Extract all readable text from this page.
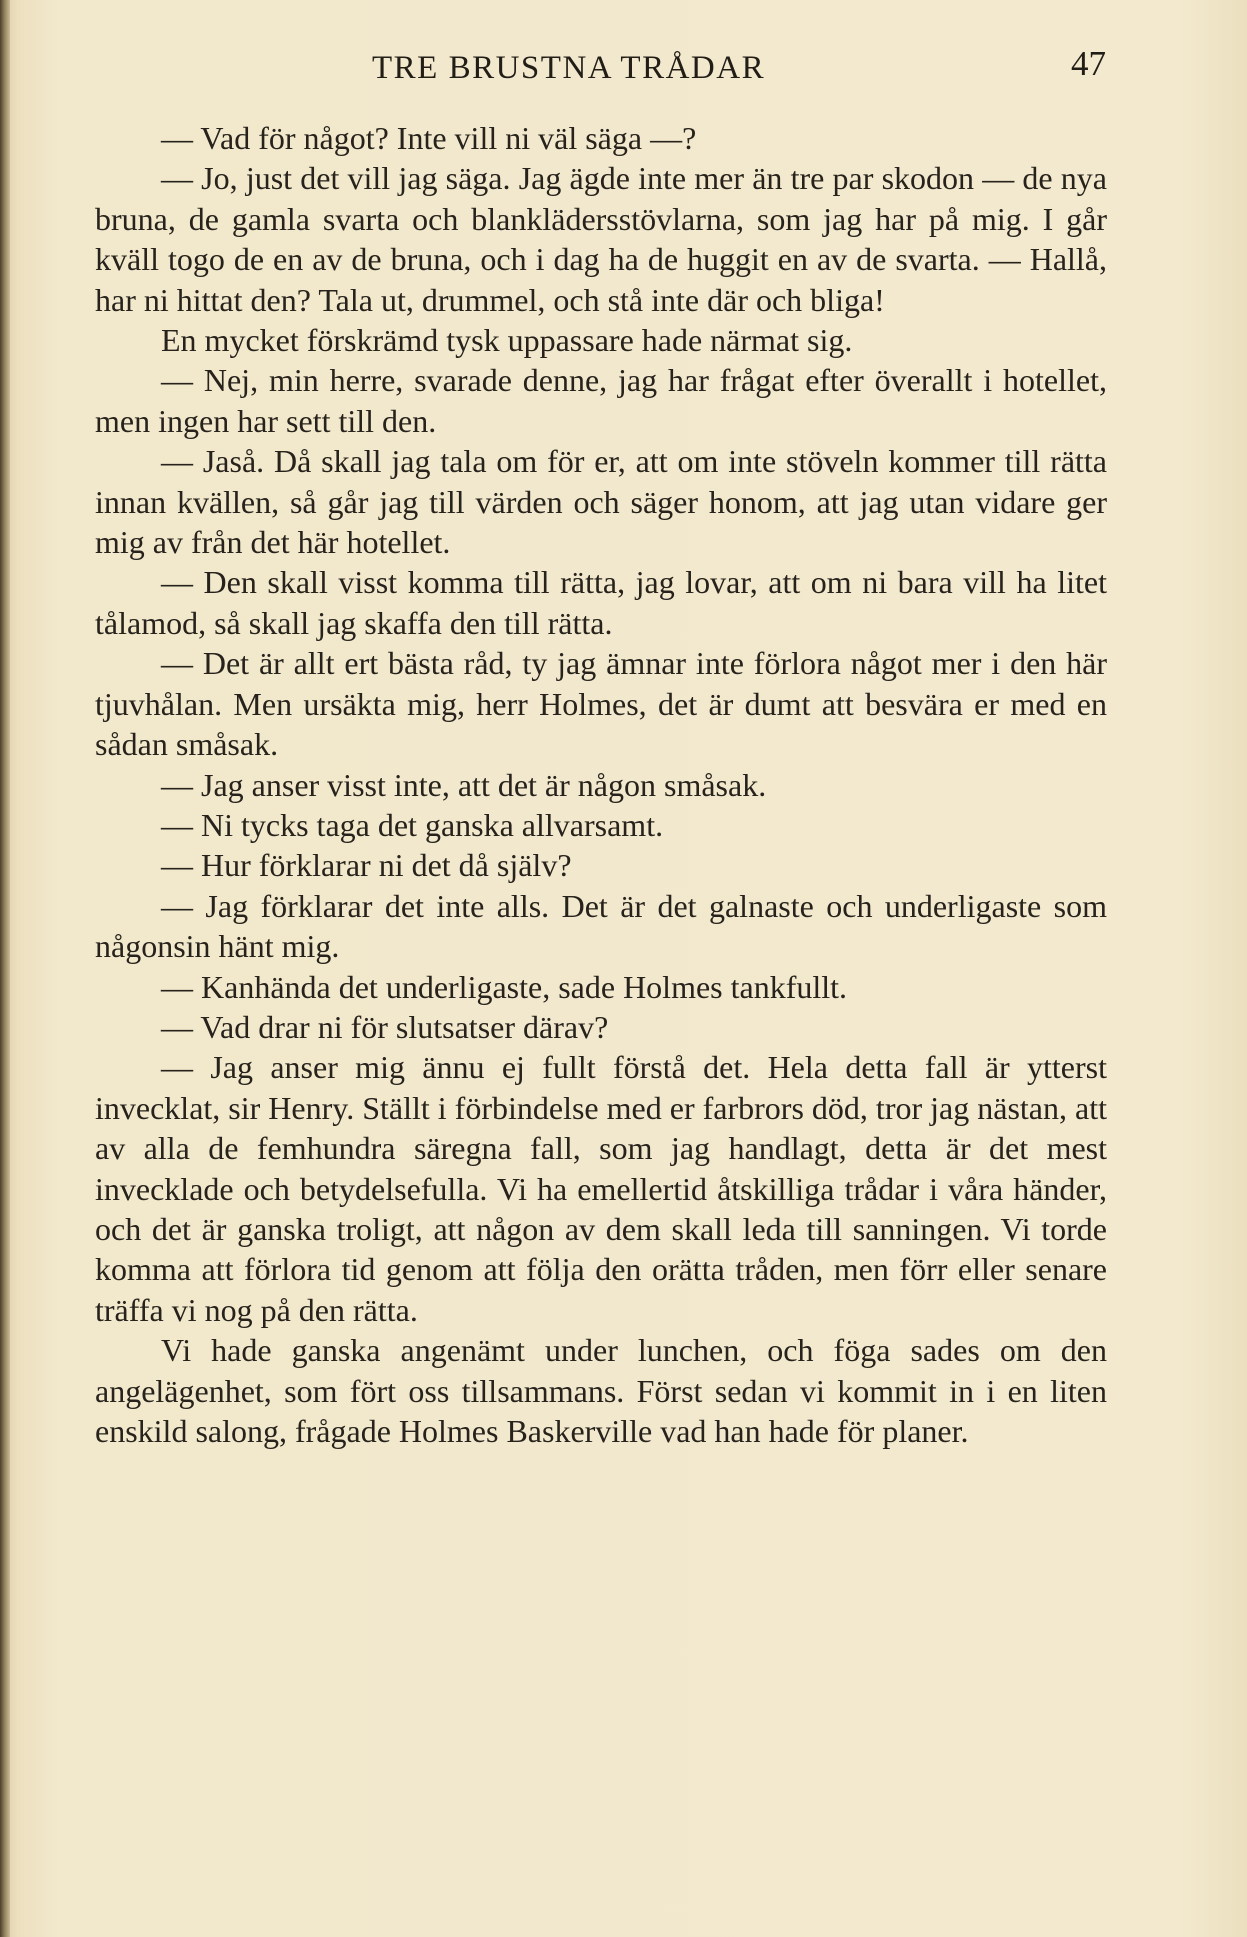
TRE BRUSTNA TRÅDAR	47

— Vad för något? Inte vill ni väl säga —?

— Jo, just det vill jag säga. Jag ägde inte mer än tre par skodon — de nya bruna, de gamla svarta och blanklädersstövlarna, som jag har på mig. I går kväll togo de en av de bruna, och i dag ha de huggit en av de svarta. — Hallå, har ni hittat den? Tala ut, drummel, och stå inte där och bliga!

En mycket förskrämd tysk uppassare hade närmat sig.

— Nej, min herre, svarade denne, jag har frågat efter överallt i hotellet, men ingen har sett till den.

— Jaså. Då skall jag tala om för er, att om inte stöveln kommer till rätta innan kvällen, så går jag till värden och säger honom, att jag utan vidare ger mig av från det här hotellet.

— Den skall visst komma till rätta, jag lovar, att om ni bara vill ha litet tålamod, så skall jag skaffa den till rätta.

— Det är allt ert bästa råd, ty jag ämnar inte förlora något mer i den här tjuvhålan. Men ursäkta mig, herr Holmes, det är dumt att besvära er med en sådan småsak.

— Jag anser visst inte, att det är någon småsak.

— Ni tycks taga det ganska allvarsamt.

— Hur förklarar ni det då själv?

— Jag förklarar det inte alls. Det är det galnaste och underligaste som någonsin hänt mig.

— Kanhända det underligaste, sade Holmes tankfullt.

— Vad drar ni för slutsatser därav?

— Jag anser mig ännu ej fullt förstå det. Hela detta fall är ytterst invecklat, sir Henry. Ställt i förbindelse med er farbrors död, tror jag nästan, att av alla de femhundra säregna fall, som jag handlagt, detta är det mest invecklade och betydelsefulla. Vi ha emellertid åtskilliga trådar i våra händer, och det är ganska troligt, att någon av dem skall leda till sanningen. Vi torde komma att förlora tid genom att följa den orätta tråden, men förr eller senare träffa vi nog på den rätta.

Vi hade ganska angenämt under lunchen, och föga sades om den angelägenhet, som fört oss tillsammans. Först sedan vi kommit in i en liten enskild salong, frågade Holmes Baskerville vad han hade för planer.
